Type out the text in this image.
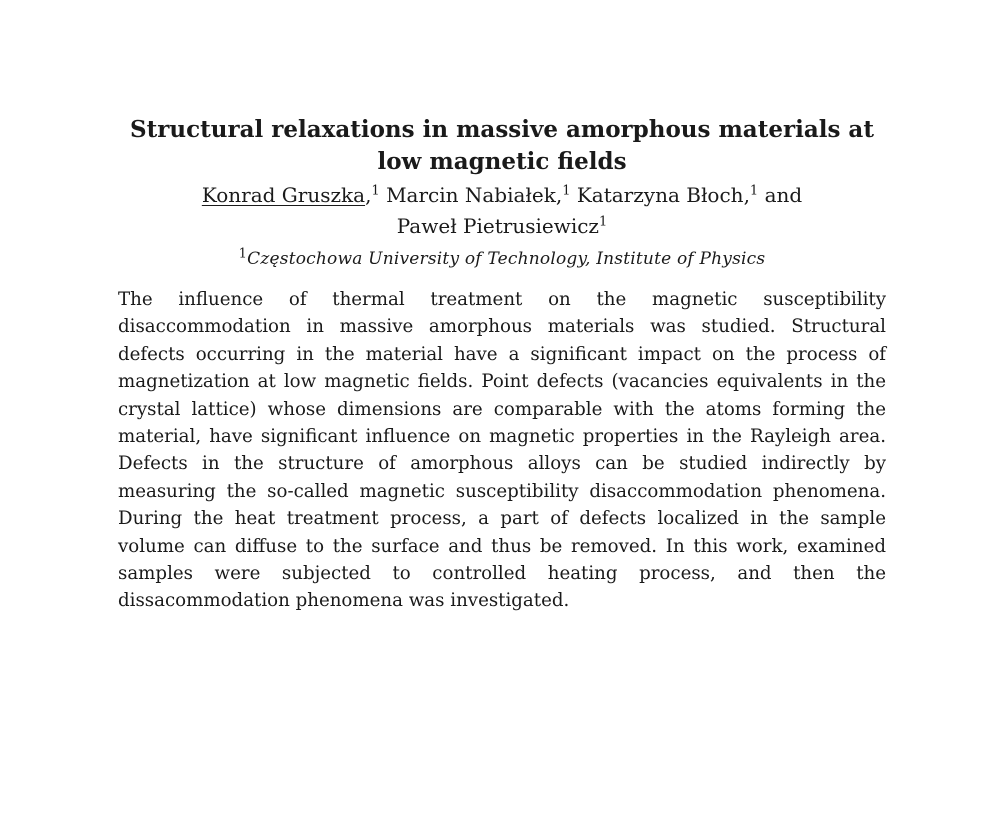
Structural relaxations in massive amorphous materials at low magnetic fields
Konrad Gruszka,$^1$ Marcin Nabiałek,$^1$ Katarzyna Błoch,$^1$ and
Paweł Pietrusiewicz$^1$
$^1$Częstochowa University of Technology, Institute of Physics

The influence of thermal treatment on the magnetic susceptibility disaccommodation in massive amorphous materials was studied. Structural defects occurring in the material have a significant impact on the process of magnetization at low magnetic fields. Point defects (vacancies equivalents in the crystal lattice) whose dimensions are comparable with the atoms forming the material, have significant influence on magnetic properties in the Rayleigh area. Defects in the structure of amorphous alloys can be studied indirectly by measuring the so-called magnetic susceptibility disaccommodation phenomena. During the heat treatment process, a part of defects localized in the sample volume can diffuse to the surface and thus be removed. In this work, examined samples were subjected to controlled heating process, and then the dissacommodation phenomena was investigated.
